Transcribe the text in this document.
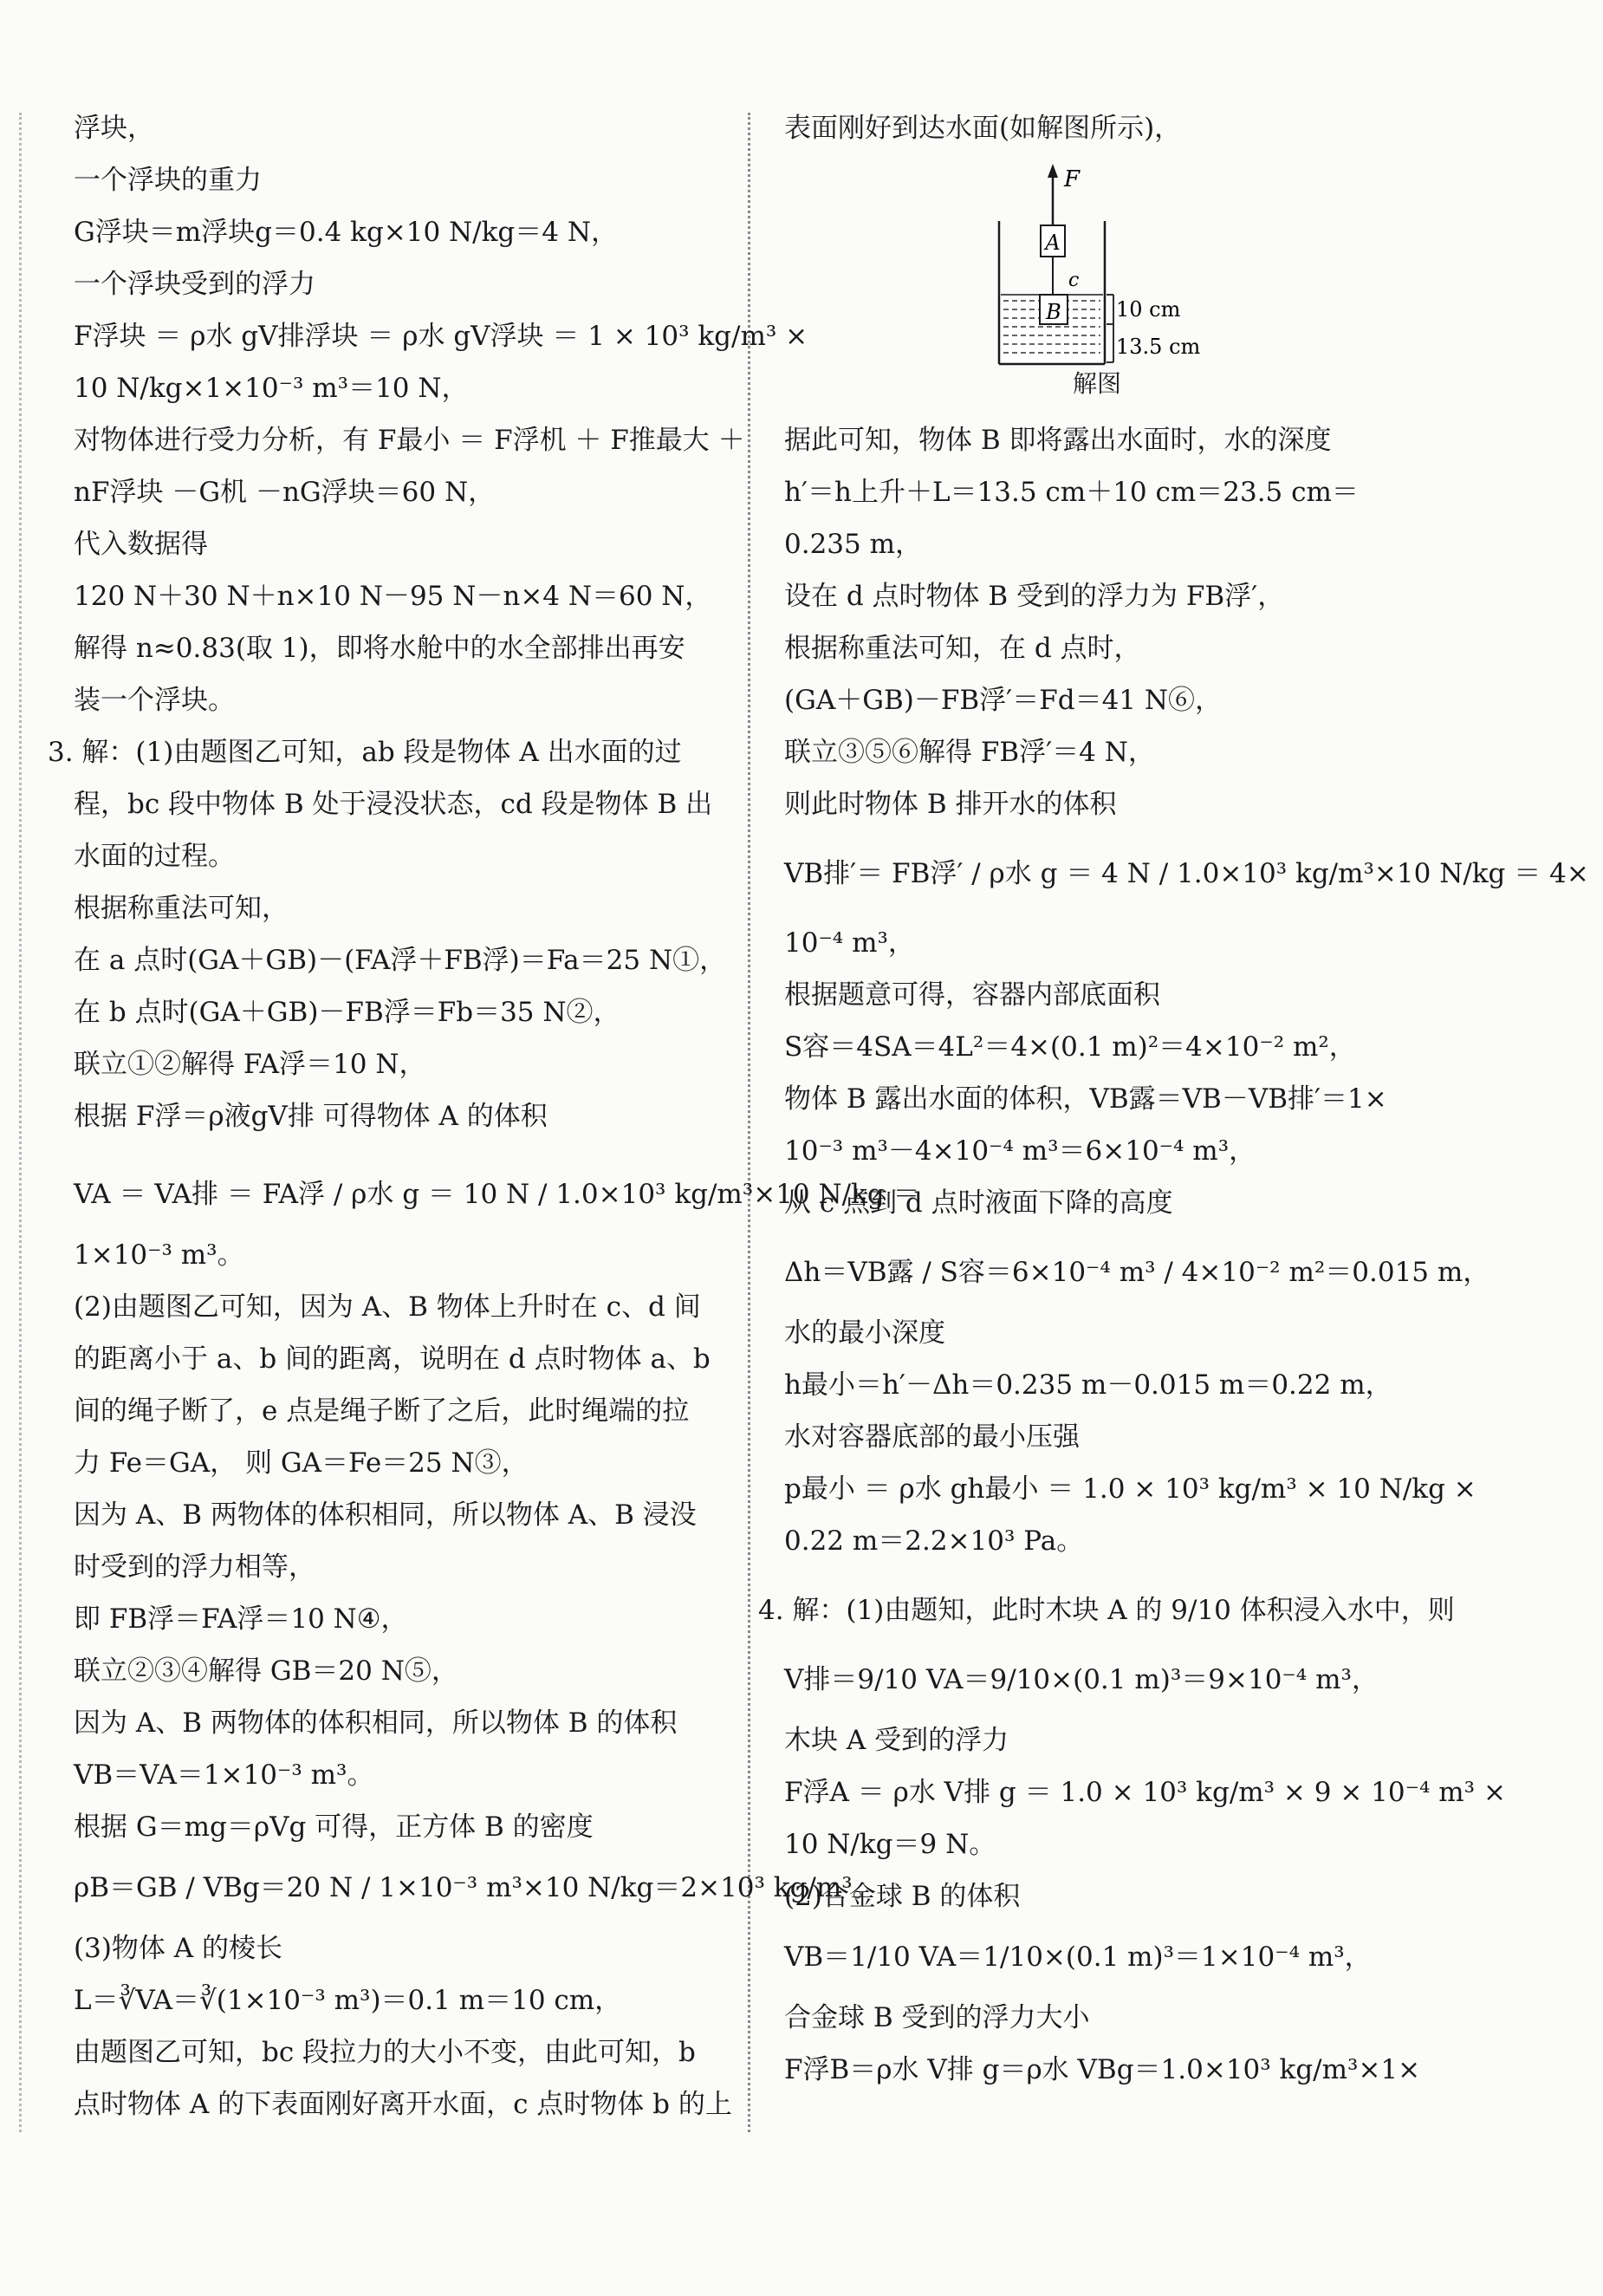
浮块，
一个浮块的重力
G浮块＝m浮块g＝0.4 kg×10 N/kg＝4 N，
一个浮块受到的浮力
F浮块 ＝ ρ水 gV排浮块 ＝ ρ水 gV浮块 ＝ 1 × 10³ kg/m³ ×
10 N/kg×1×10⁻³ m³＝10 N，
对物体进行受力分析，有 F最小 ＝ F浮机 ＋ F推最大 ＋
nF浮块 －G机 －nG浮块＝60 N，
代入数据得
120 N＋30 N＋n×10 N－95 N－n×4 N＝60 N，
解得 n≈0.83(取 1)，即将水舱中的水全部排出再安
装一个浮块。
3. 解：(1)由题图乙可知，ab 段是物体 A 出水面的过
程，bc 段中物体 B 处于浸没状态，cd 段是物体 B 出
水面的过程。
根据称重法可知，
在 a 点时(GA＋GB)－(FA浮＋FB浮)＝Fa＝25 N①，
在 b 点时(GA＋GB)－FB浮＝Fb＝35 N②，
联立①②解得 FA浮＝10 N，
根据 F浮＝ρ液gV排 可得物体 A 的体积
VA ＝ VA排 ＝ FA浮 / ρ水 g ＝ 10 N / 1.0×10³ kg/m³×10 N/kg ＝
1×10⁻³ m³。
(2)由题图乙可知，因为 A、B 物体上升时在 c、d 间
的距离小于 a、b 间的距离，说明在 d 点时物体 a、b
间的绳子断了，e 点是绳子断了之后，此时绳端的拉
力 Fe＝GA， 则 GA＝Fe＝25 N③，
因为 A、B 两物体的体积相同，所以物体 A、B 浸没
时受到的浮力相等，
即 FB浮＝FA浮＝10 N④，
联立②③④解得 GB＝20 N⑤，
因为 A、B 两物体的体积相同，所以物体 B 的体积
VB＝VA＝1×10⁻³ m³。
根据 G＝mg＝ρVg 可得，正方体 B 的密度
ρB＝GB / VBg＝20 N / 1×10⁻³ m³×10 N/kg＝2×10³ kg/m³。
(3)物体 A 的棱长
L＝∛VA＝∛(1×10⁻³ m³)＝0.1 m＝10 cm，
由题图乙可知，bc 段拉力的大小不变，由此可知，b
点时物体 A 的下表面刚好离开水面，c 点时物体 b 的上
表面刚好到达水面(如解图所示)，
据此可知，物体 B 即将露出水面时，水的深度
h′＝h上升＋L＝13.5 cm＋10 cm＝23.5 cm＝
0.235 m，
设在 d 点时物体 B 受到的浮力为 FB浮′，
根据称重法可知，在 d 点时，
(GA＋GB)－FB浮′＝Fd＝41 N⑥，
联立③⑤⑥解得 FB浮′＝4 N，
则此时物体 B 排开水的体积
VB排′＝ FB浮′ / ρ水 g ＝ 4 N / 1.0×10³ kg/m³×10 N/kg ＝ 4×
10⁻⁴ m³，
根据题意可得，容器内部底面积
S容＝4SA＝4L²＝4×(0.1 m)²＝4×10⁻² m²，
物体 B 露出水面的体积，VB露＝VB－VB排′＝1×
10⁻³ m³－4×10⁻⁴ m³＝6×10⁻⁴ m³，
从 c 点到 d 点时液面下降的高度
Δh＝VB露 / S容＝6×10⁻⁴ m³ / 4×10⁻² m²＝0.015 m，
水的最小深度
h最小＝h′－Δh＝0.235 m－0.015 m＝0.22 m，
水对容器底部的最小压强
p最小 ＝ ρ水 gh最小 ＝ 1.0 × 10³ kg/m³ × 10 N/kg ×
0.22 m＝2.2×10³ Pa。
4. 解：(1)由题知，此时木块 A 的 9/10 体积浸入水中，则
V排＝9/10 VA＝9/10×(0.1 m)³＝9×10⁻⁴ m³，
木块 A 受到的浮力
F浮A ＝ ρ水 V排 g ＝ 1.0 × 10³ kg/m³ × 9 × 10⁻⁴ m³ ×
10 N/kg＝9 N。
(2)合金球 B 的体积
VB＝1/10 VA＝1/10×(0.1 m)³＝1×10⁻⁴ m³，
合金球 B 受到的浮力大小
F浮B＝ρ水 V排 g＝ρ水 VBg＝1.0×10³ kg/m³×1×
F
A
c
B	10 cm
13.5 cm
解图
